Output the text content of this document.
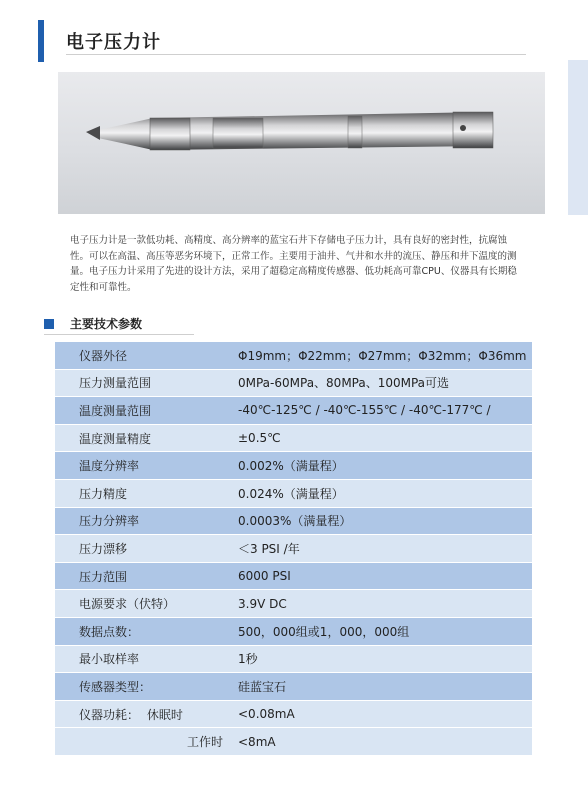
电子压力计
电子压力计是一款低功耗、高精度、高分辨率的蓝宝石井下存储电子压力计，具有良好的密封性，抗腐蚀性。可以在高温、高压等恶劣环境下，正常工作。主要用于油井、气井和水井的流压、静压和井下温度的测量。电子压力计采用了先进的设计方法，采用了超稳定高精度传感器、低功耗高可靠CPU、仪器具有长期稳定性和可靠性。
主要技术参数
仪器外径	Φ19mm；Φ22mm；Φ27mm；Φ32mm；Φ36mm
压力测量范围	0MPa-60MPa、80MPa、100MPa可选
温度测量范围	-40℃-125℃ / -40℃-155℃ / -40℃-177℃ /
温度测量精度	±0.5℃
温度分辨率	0.002%（满量程）
压力精度	0.024%（满量程）
压力分辨率	0.0003%（满量程）
压力漂移	＜3 PSI /年
压力范围	6000 PSI
电源要求（伏特）	3.9V DC
数据点数：	500，000组或1，000，000组
最小取样率	1秒
传感器类型：	硅蓝宝石
仪器功耗： 休眠时	<0.08mA
工作时	<8mA
